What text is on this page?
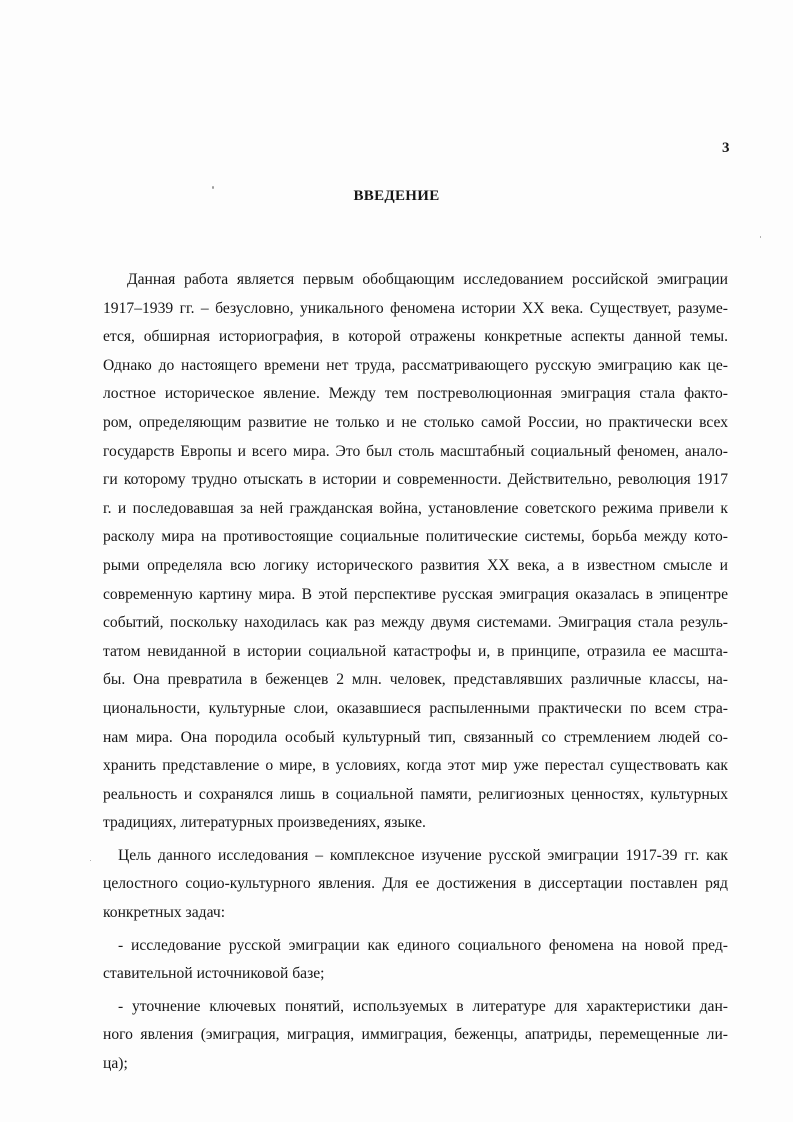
3
ВВЕДЕНИЕ
Данная работа является первым обобщающим исследованием российской эмиграции
1917–1939 гг. – безусловно, уникального феномена истории XX века. Существует, разуме-
ется, обширная историография, в которой отражены конкретные аспекты данной темы.
Однако до настоящего времени нет труда, рассматривающего русскую эмиграцию как це-
лостное историческое явление. Между тем постреволюционная эмиграция стала факто-
ром, определяющим развитие не только и не столько самой России, но практически всех
государств Европы и всего мира. Это был столь масштабный социальный феномен, анало-
ги которому трудно отыскать в истории и современности. Действительно, революция 1917
г. и последовавшая за ней гражданская война, установление советского режима привели к
расколу мира на противостоящие социальные политические системы, борьба между кото-
рыми определяла всю логику исторического развития XX века, а в известном смысле и
современную картину мира. В этой перспективе русская эмиграция оказалась в эпицентре
событий, поскольку находилась как раз между двумя системами. Эмиграция стала резуль-
татом невиданной в истории социальной катастрофы и, в принципе, отразила ее масшта-
бы. Она превратила в беженцев 2 млн. человек, представлявших различные классы, на-
циональности, культурные слои, оказавшиеся распыленными практически по всем стра-
нам мира. Она породила особый культурный тип, связанный со стремлением людей со-
хранить представление о мире, в условиях, когда этот мир уже перестал существовать как
реальность и сохранялся лишь в социальной памяти, религиозных ценностях, культурных
традициях, литературных произведениях, языке.
Цель данного исследования – комплексное изучение русской эмиграции 1917-39 гг. как
целостного социо-культурного явления. Для ее достижения в диссертации поставлен ряд
конкретных задач:
- исследование русской эмиграции как единого социального феномена на новой пред-
ставительной источниковой базе;
- уточнение ключевых понятий, используемых в литературе для характеристики дан-
ного явления (эмиграция, миграция, иммиграция, беженцы, апатриды, перемещенные ли-
ца);
